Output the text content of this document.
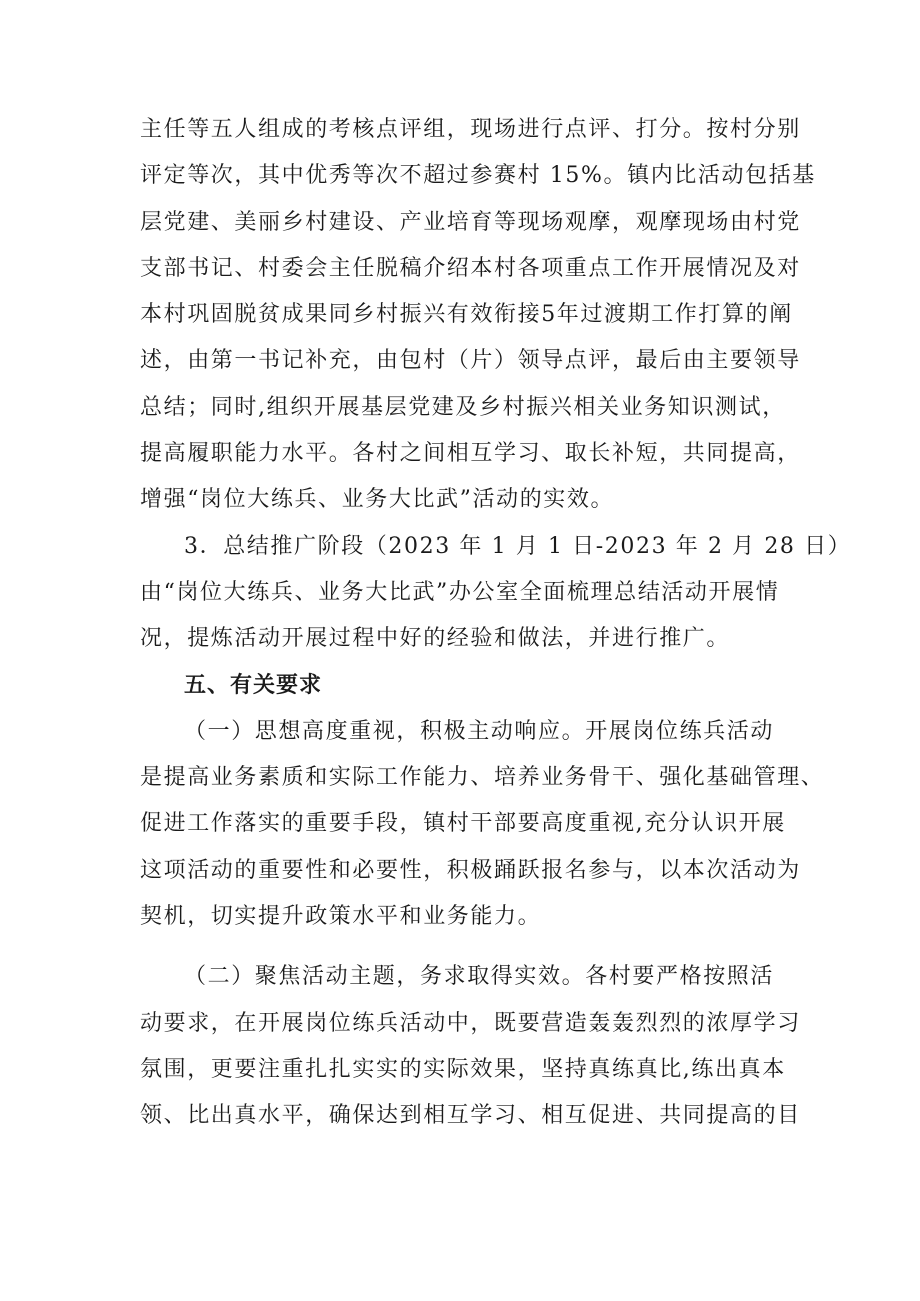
主任等五人组成的考核点评组，现场进行点评、打分。按村分别
评定等次，其中优秀等次不超过参赛村 15%。镇内比活动包括基
层党建、美丽乡村建设、产业培育等现场观摩，观摩现场由村党
支部书记、村委会主任脱稿介绍本村各项重点工作开展情况及对
本村巩固脱贫成果同乡村振兴有效衔接5年过渡期工作打算的阐
述，由第一书记补充，由包村（片）领导点评，最后由主要领导
总结；同时,组织开展基层党建及乡村振兴相关业务知识测试，
提高履职能力水平。各村之间相互学习、取长补短，共同提高，
增强“岗位大练兵、业务大比武”活动的实效。
3．总结推广阶段（2023 年 1 月 1 日-2023 年 2 月 28 日）
由“岗位大练兵、业务大比武”办公室全面梳理总结活动开展情
况，提炼活动开展过程中好的经验和做法，并进行推广。
五、有关要求
（一）思想高度重视，积极主动响应。开展岗位练兵活动
是提高业务素质和实际工作能力、培养业务骨干、强化基础管理、
促进工作落实的重要手段，镇村干部要高度重视,充分认识开展
这项活动的重要性和必要性，积极踊跃报名参与，以本次活动为
契机，切实提升政策水平和业务能力。
（二）聚焦活动主题，务求取得实效。各村要严格按照活
动要求，在开展岗位练兵活动中，既要营造轰轰烈烈的浓厚学习
氛围，更要注重扎扎实实的实际效果，坚持真练真比,练出真本
领、比出真水平，确保达到相互学习、相互促进、共同提高的目
